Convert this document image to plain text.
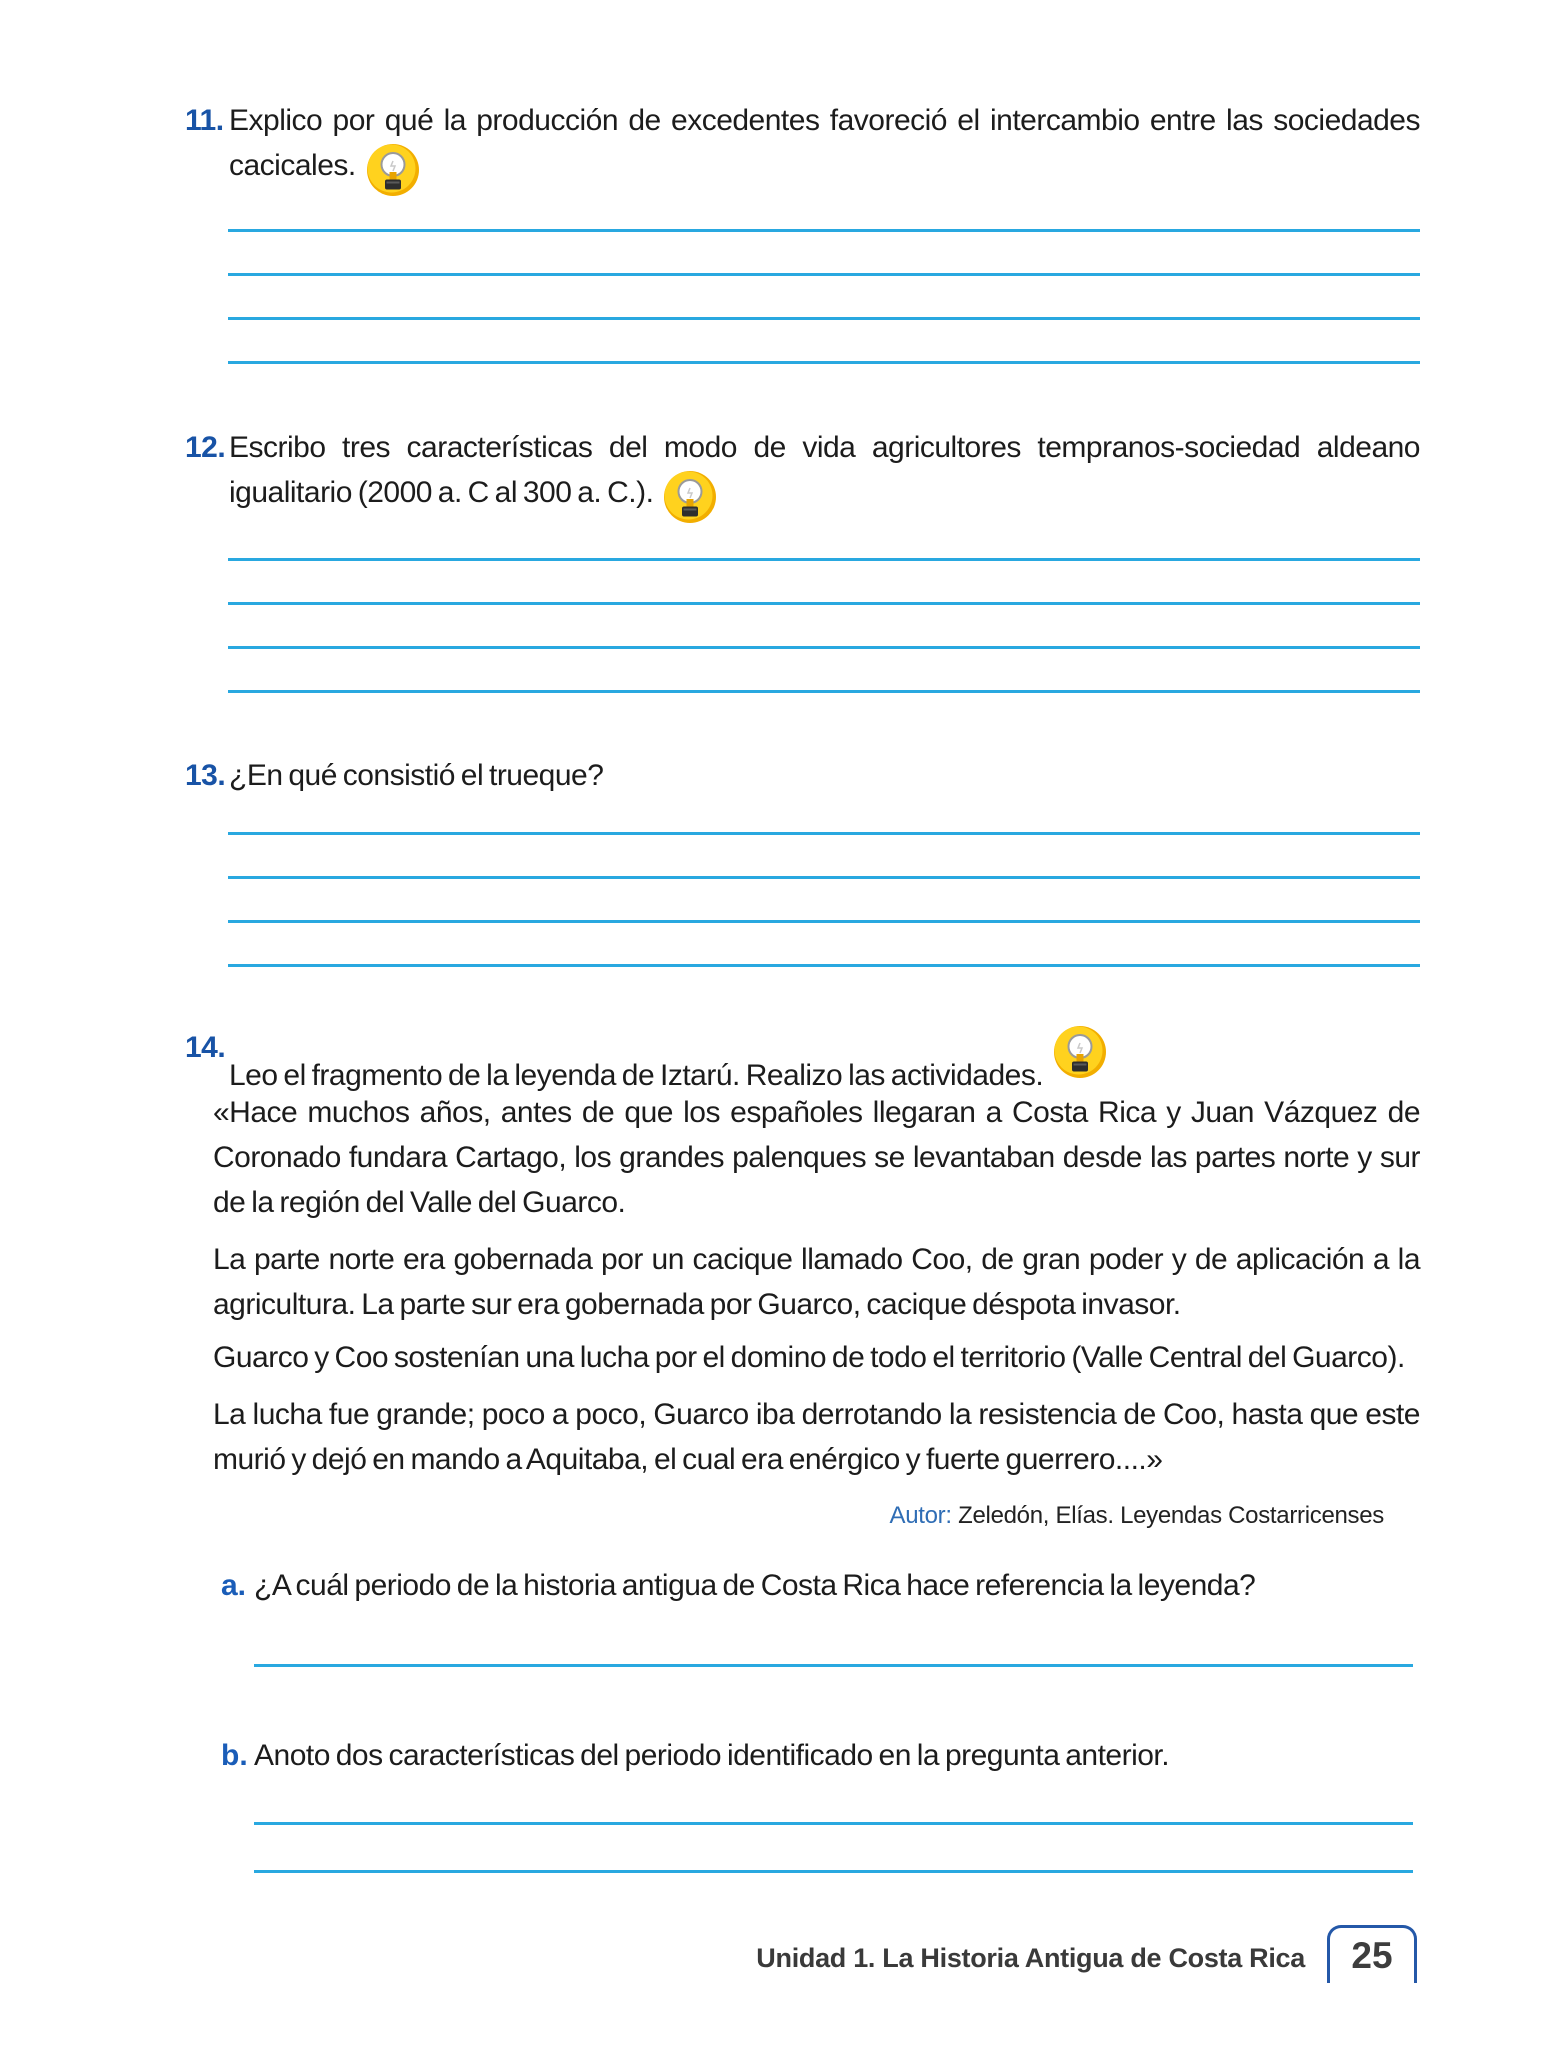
11. Explico por qué la producción de excedentes favoreció el intercambio entre las sociedades cacicales.
12. Escribo tres características del modo de vida agricultores tempranos-sociedad aldeano igualitario (2000 a. C al 300 a. C.).
13. ¿En qué consistió el trueque?
14.
Leo el fragmento de la leyenda de Iztarú. Realizo las actividades.
«Hace muchos años, antes de que los españoles llegaran a Costa Rica y Juan Vázquez de Coronado fundara Cartago, los grandes palenques se levantaban desde las partes norte y sur de la región del Valle del Guarco.
La parte norte era gobernada por un cacique llamado Coo, de gran poder y de aplicación a la agricultura. La parte sur era gobernada por Guarco, cacique déspota invasor.
Guarco y Coo sostenían una lucha por el domino de todo el territorio (Valle Central del Guarco).
La lucha fue grande; poco a poco, Guarco iba derrotando la resistencia de Coo, hasta que este murió y dejó en mando a Aquitaba, el cual era enérgico y fuerte guerrero....»
Autor: Zeledón, Elías. Leyendas Costarricenses
a. ¿A cuál periodo de la historia antigua de Costa Rica hace referencia la leyenda?
b. Anoto dos características del periodo identificado en la pregunta anterior.
Unidad 1. La Historia Antigua de Costa Rica 25
